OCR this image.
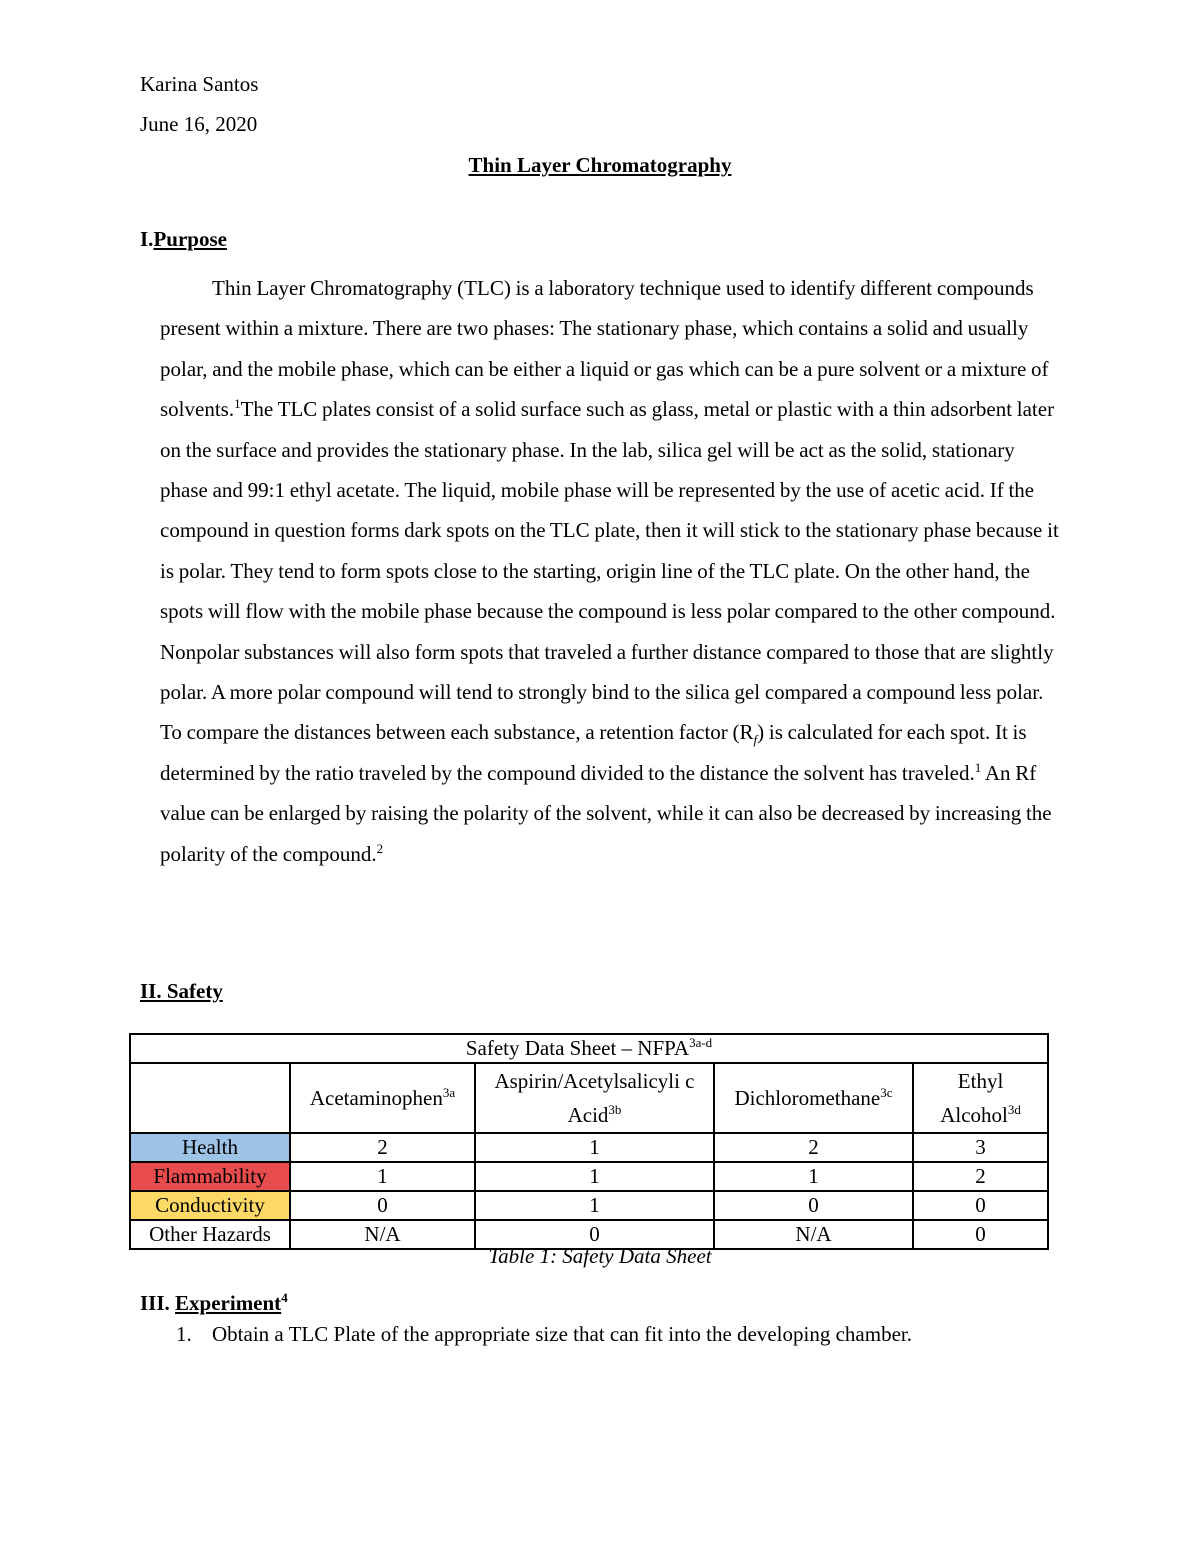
Karina Santos
June 16, 2020
Thin Layer Chromatography
I.Purpose
Thin Layer Chromatography (TLC) is a laboratory technique used to identify different compounds present within a mixture. There are two phases: The stationary phase, which contains a solid and usually polar, and the mobile phase, which can be either a liquid or gas which can be a pure solvent or a mixture of solvents.$^1$The TLC plates consist of a solid surface such as glass, metal or plastic with a thin adsorbent later on the surface and provides the stationary phase. In the lab, silica gel will be act as the solid, stationary phase and 99:1 ethyl acetate. The liquid, mobile phase will be represented by the use of acetic acid. If the compound in question forms dark spots on the TLC plate, then it will stick to the stationary phase because it is polar. They tend to form spots close to the starting, origin line of the TLC plate. On the other hand, the spots will flow with the mobile phase because the compound is less polar compared to the other compound. Nonpolar substances will also form spots that traveled a further distance compared to those that are slightly polar. A more polar compound will tend to strongly bind to the silica gel compared a compound less polar. To compare the distances between each substance, a retention factor $(R_f)$ is calculated for each spot. It is determined by the ratio traveled by the compound divided to the distance the solvent has traveled.$^1$ An Rf value can be enlarged by raising the polarity of the solvent, while it can also be decreased by increasing the polarity of the compound.$^2$
II. Safety
Safety Data Sheet – $NFPA^{3a-d}$
	Acetaminophen$^{3a}$	Aspirin/Acetylsalicyli c Acid$^{3b}$	Dichloromethane$^{3c}$	Ethyl Alcohol$^{3d}$
Health	2	1	2	3
Flammability	1	1	1	2
Conductivity	0	1	0	0
Other Hazards	N/A	0	N/A	0
Table 1: Safety Data Sheet
III. Experiment$^4$
1. Obtain a TLC Plate of the appropriate size that can fit into the developing chamber.
